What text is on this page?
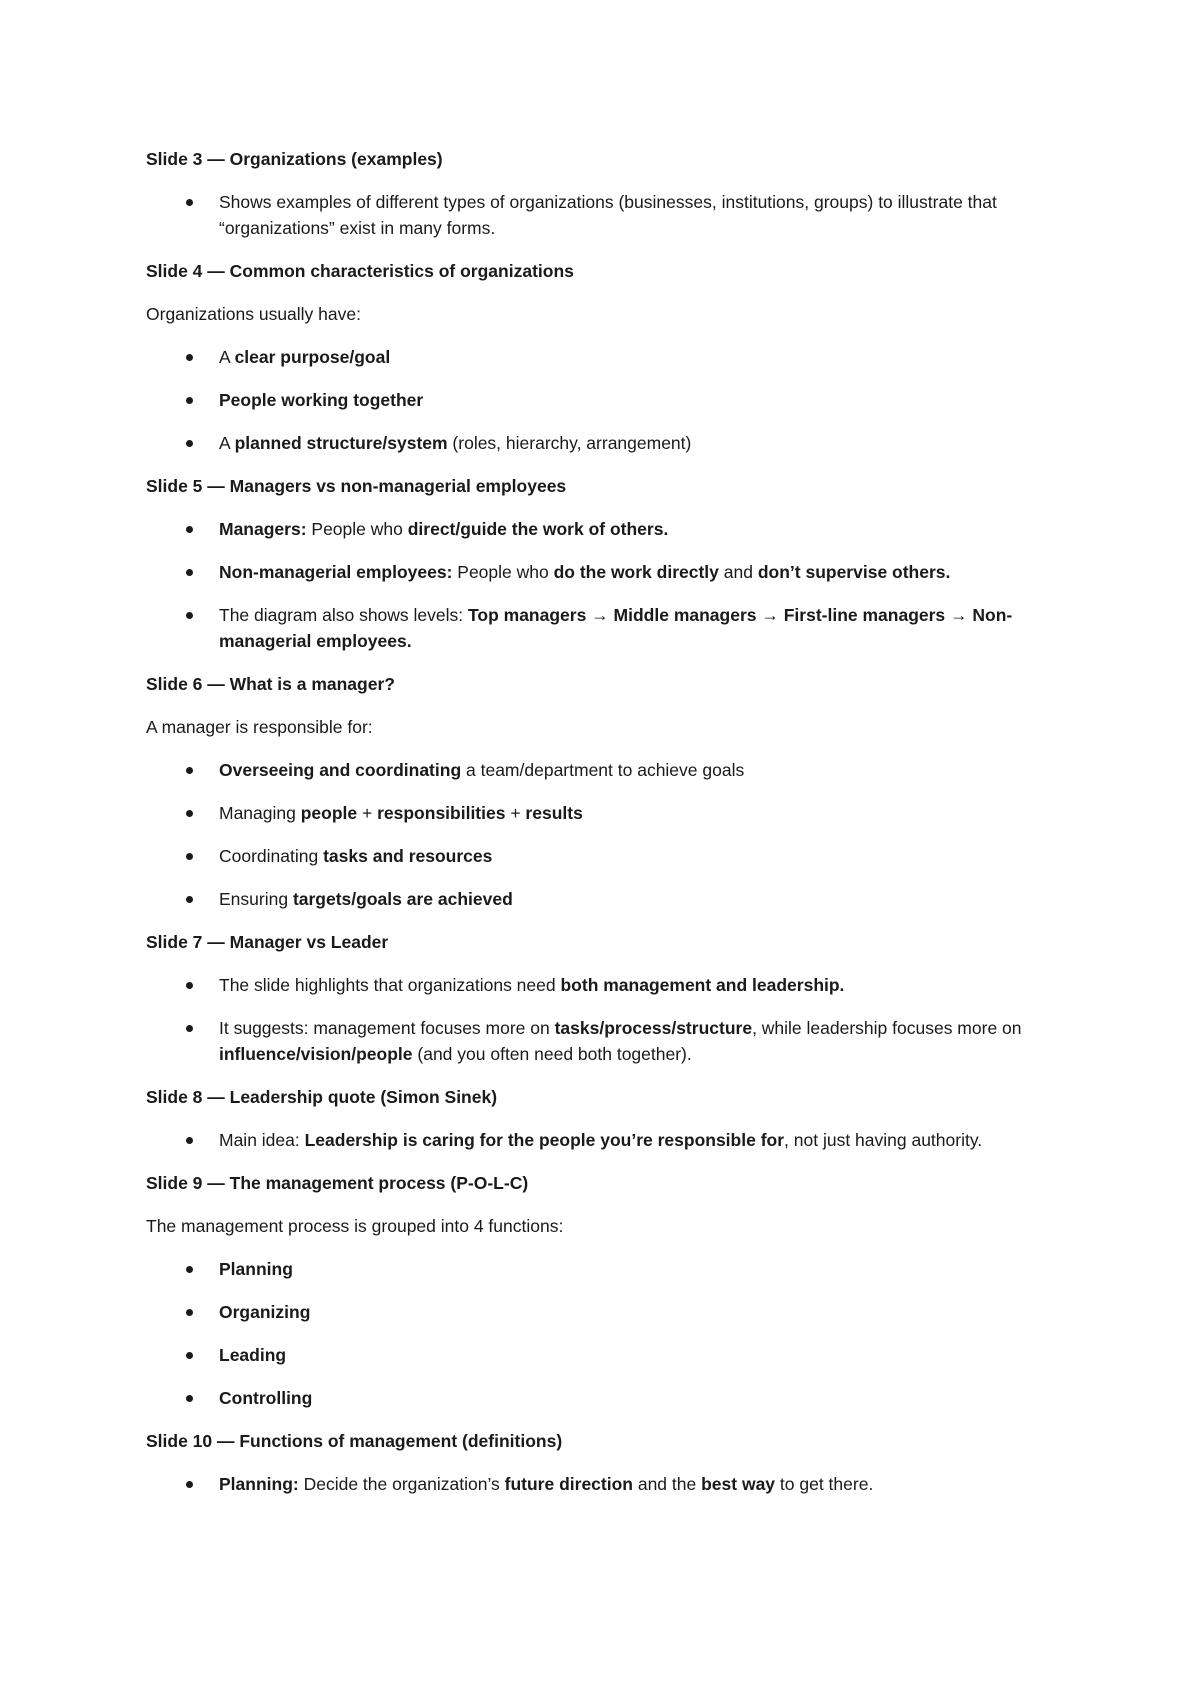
Slide 3 — Organizations (examples)
Shows examples of different types of organizations (businesses, institutions, groups) to illustrate that “organizations” exist in many forms.
Slide 4 — Common characteristics of organizations
Organizations usually have:
A clear purpose/goal
People working together
A planned structure/system (roles, hierarchy, arrangement)
Slide 5 — Managers vs non-managerial employees
Managers: People who direct/guide the work of others.
Non-managerial employees: People who do the work directly and don’t supervise others.
The diagram also shows levels: Top managers → Middle managers → First-line managers → Non-managerial employees.
Slide 6 — What is a manager?
A manager is responsible for:
Overseeing and coordinating a team/department to achieve goals
Managing people + responsibilities + results
Coordinating tasks and resources
Ensuring targets/goals are achieved
Slide 7 — Manager vs Leader
The slide highlights that organizations need both management and leadership.
It suggests: management focuses more on tasks/process/structure, while leadership focuses more on influence/vision/people (and you often need both together).
Slide 8 — Leadership quote (Simon Sinek)
Main idea: Leadership is caring for the people you’re responsible for, not just having authority.
Slide 9 — The management process (P-O-L-C)
The management process is grouped into 4 functions:
Planning
Organizing
Leading
Controlling
Slide 10 — Functions of management (definitions)
Planning: Decide the organization’s future direction and the best way to get there.
